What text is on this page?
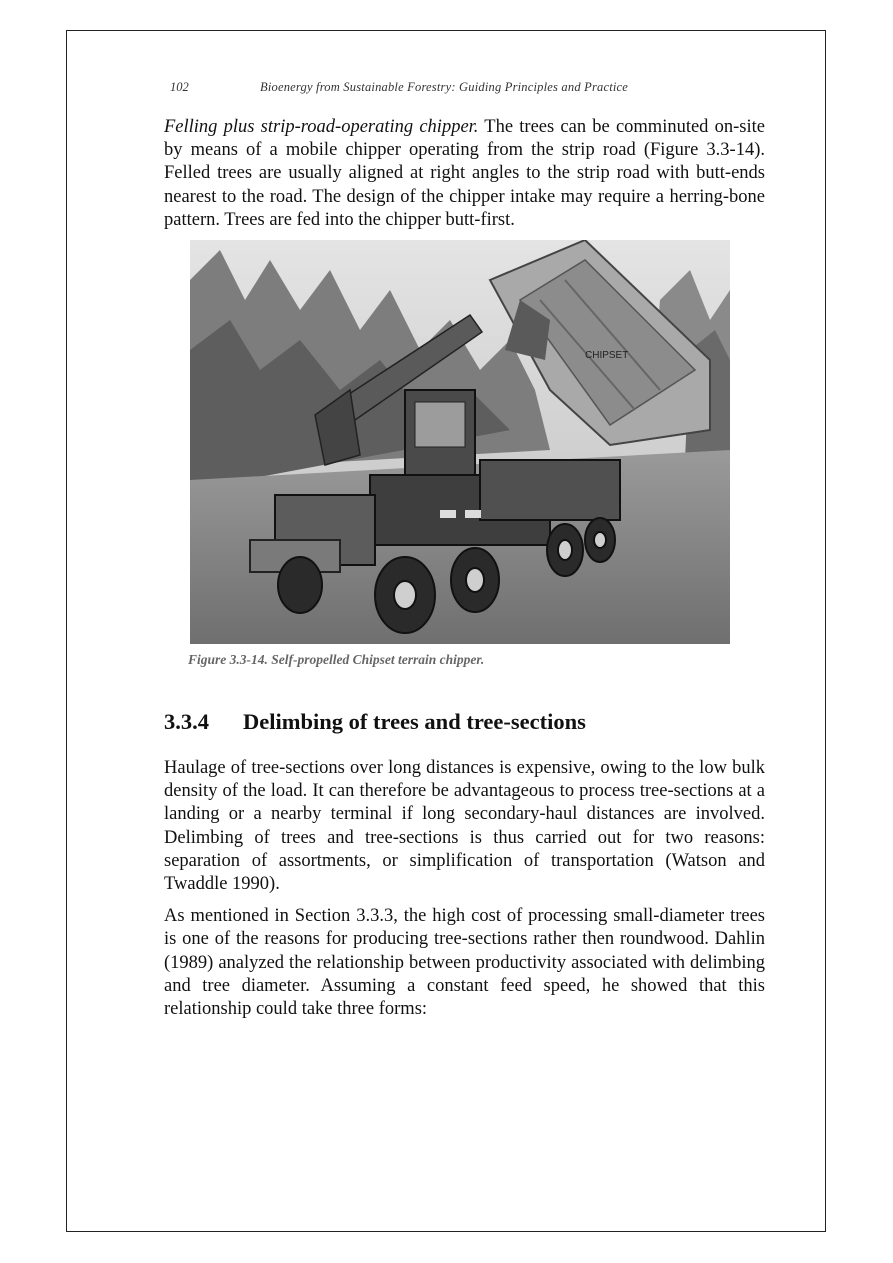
102	Bioenergy from Sustainable Forestry: Guiding Principles and Practice

Felling plus strip-road-operating chipper. The trees can be comminuted on-site by means of a mobile chipper operating from the strip road (Figure 3.3-14). Felled trees are usually aligned at right angles to the strip road with butt-ends nearest to the road. The design of the chipper intake may require a herring-bone pattern. Trees are fed into the chipper butt-first.

CHIPSET
Figure 3.3-14. Self-propelled Chipset terrain chipper.
3.3.4 Delimbing of trees and tree-sections

Haulage of tree-sections over long distances is expensive, owing to the low bulk density of the load. It can therefore be advantageous to process tree-sections at a landing or a nearby terminal if long secondary-haul distances are involved. Delimbing of trees and tree-sections is thus carried out for two reasons: separation of assortments, or simplification of transportation (Watson and Twaddle 1990).

As mentioned in Section 3.3.3, the high cost of processing small-diameter trees is one of the reasons for producing tree-sections rather then roundwood. Dahlin (1989) analyzed the relationship between productivity associated with delimbing and tree diameter. Assuming a constant feed speed, he showed that this relationship could take three forms:
